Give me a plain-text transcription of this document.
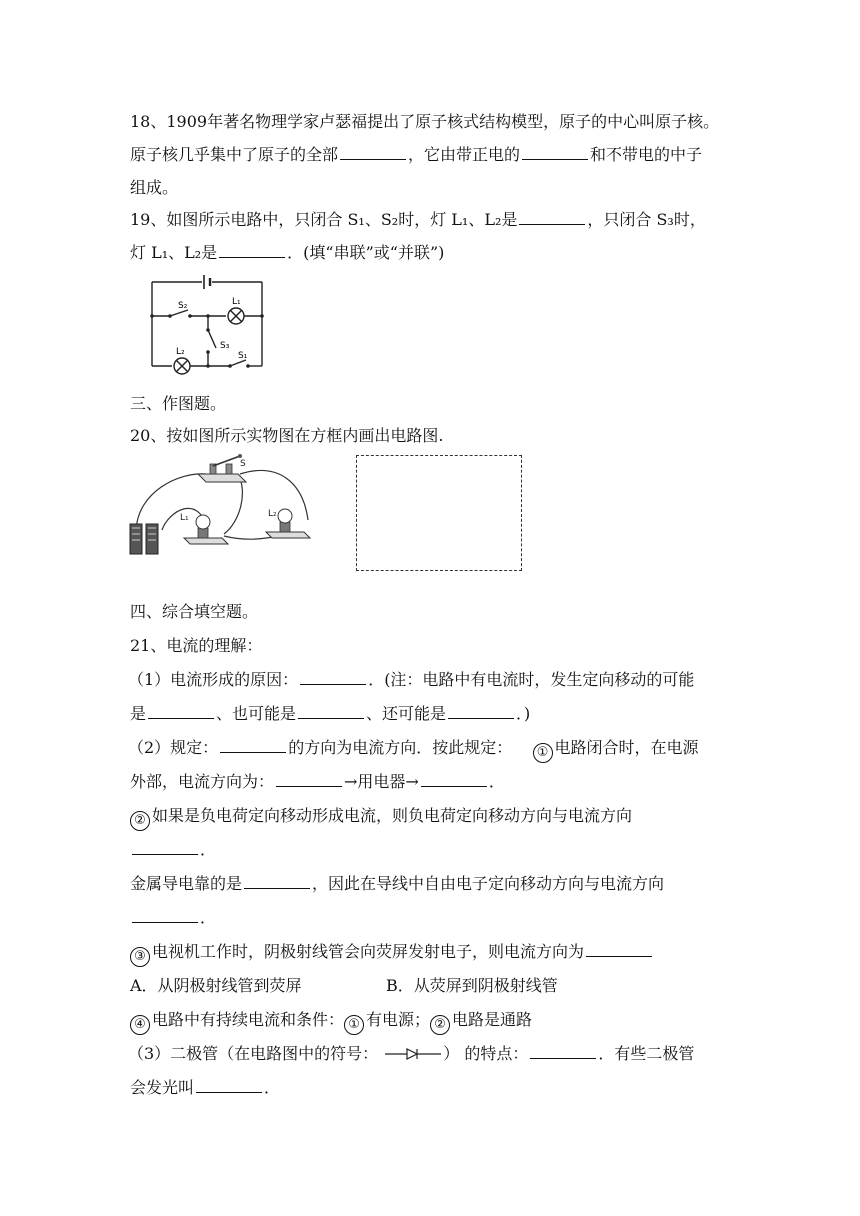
18、1909年著名物理学家卢瑟福提出了原子核式结构模型，原子的中心叫原子核。
原子核几乎集中了原子的全部	，它由带正电的	和不带电的中子
组成。
19、如图所示电路中，只闭合 S₁、S₂时，灯 L₁、L₂是	，只闭合 S₃时，
灯 L₁、L₂是	．(填“串联”或“并联”)
S₂	L₁
S₃
L₂	S₁
三、作图题。
20、按如图所示实物图在方框内画出电路图.
S
L₁	L₂
四、综合填空题。
21、电流的理解：
（1）电流形成的原因：	．(注：电路中有电流时，发生定向移动的可能
是	、也可能是	、还可能是	．)
（2）规定：	的方向为电流方向．按此规定： ① 电路闭合时，在电源
外部，电流方向为：	→用电器→	．
② 如果是负电荷定向移动形成电流，则负电荷定向移动方向与电流方向
．
金属导电靠的是	，因此在导线中自由电子定向移动方向与电流方向
．
③ 电视机工作时，阴极射线管会向荧屏发射电子，则电流方向为
A．从阴极射线管到荧屏	B．从荧屏到阴极射线管
④ 电路中有持续电流和条件： ① 有电源； ② 电路是通路
（3）二极管（在电路图中的符号：	） 的特点：	．有些二极管
会发光叫	．
